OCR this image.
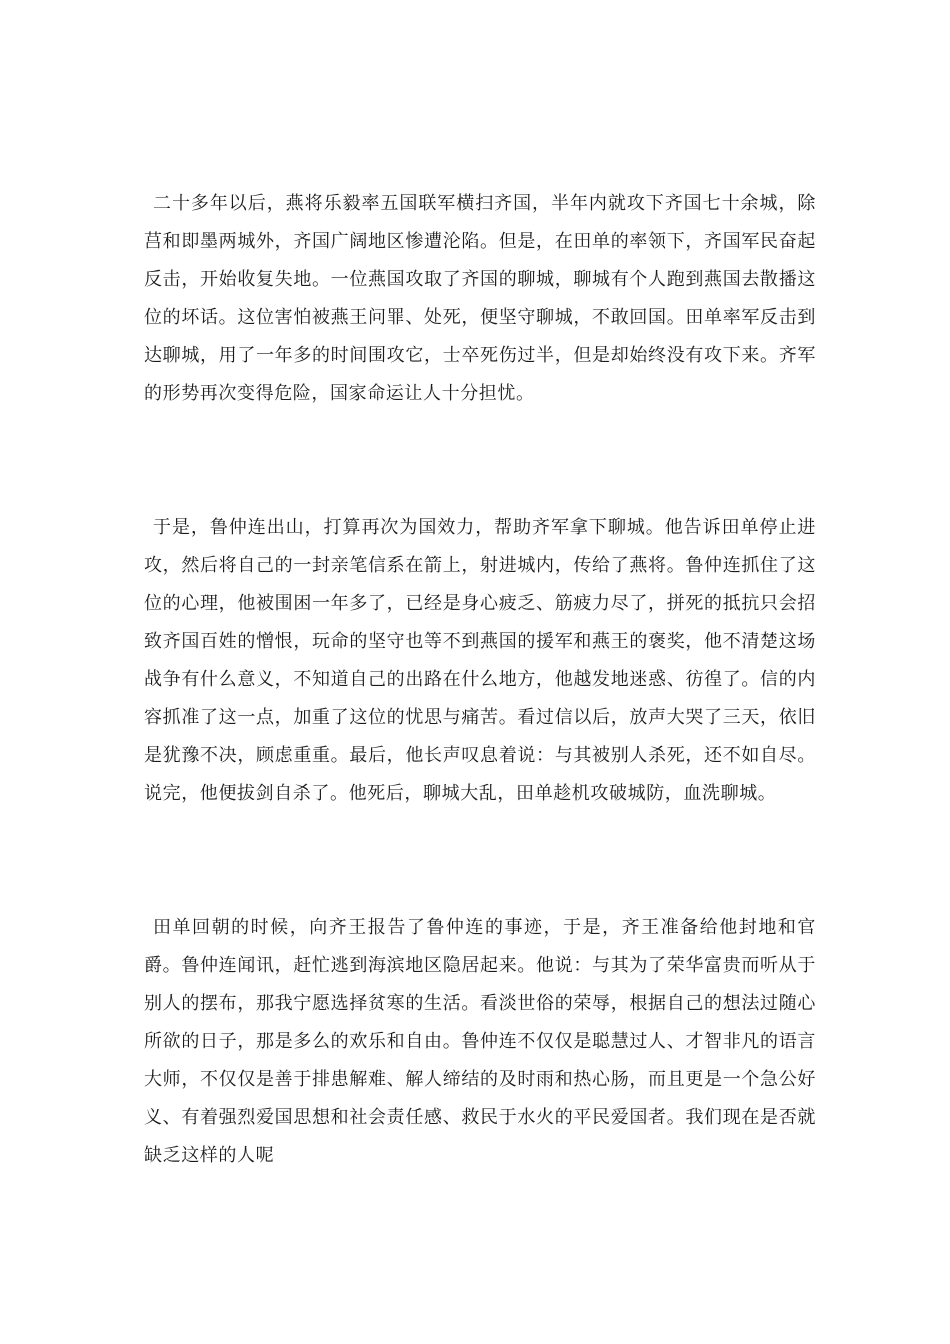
二十多年以后，燕将乐毅率五国联军横扫齐国，半年内就攻下齐国七十余城，除莒和即墨两城外，齐国广阔地区惨遭沦陷。但是，在田单的率领下，齐国军民奋起反击，开始收复失地。一位燕国攻取了齐国的聊城，聊城有个人跑到燕国去散播这位的坏话。这位害怕被燕王问罪、处死，便坚守聊城，不敢回国。田单率军反击到达聊城，用了一年多的时间围攻它，士卒死伤过半，但是却始终没有攻下来。齐军的形势再次变得危险，国家命运让人十分担忧。

于是，鲁仲连出山，打算再次为国效力，帮助齐军拿下聊城。他告诉田单停止进攻，然后将自己的一封亲笔信系在箭上，射进城内，传给了燕将。鲁仲连抓住了这位的心理，他被围困一年多了，已经是身心疲乏、筋疲力尽了，拼死的抵抗只会招致齐国百姓的憎恨，玩命的坚守也等不到燕国的援军和燕王的褒奖，他不清楚这场战争有什么意义，不知道自己的出路在什么地方，他越发地迷惑、彷徨了。信的内容抓准了这一点，加重了这位的忧思与痛苦。看过信以后，放声大哭了三天，依旧是犹豫不决，顾虑重重。最后，他长声叹息着说：与其被别人杀死，还不如自尽。说完，他便拔剑自杀了。他死后，聊城大乱，田单趁机攻破城防，血洗聊城。

田单回朝的时候，向齐王报告了鲁仲连的事迹，于是，齐王准备给他封地和官爵。鲁仲连闻讯，赶忙逃到海滨地区隐居起来。他说：与其为了荣华富贵而听从于别人的摆布，那我宁愿选择贫寒的生活。看淡世俗的荣辱，根据自己的想法过随心所欲的日子，那是多么的欢乐和自由。鲁仲连不仅仅是聪慧过人、才智非凡的语言大师，不仅仅是善于排患解难、解人缔结的及时雨和热心肠，而且更是一个急公好义、有着强烈爱国思想和社会责任感、救民于水火的平民爱国者。我们现在是否就缺乏这样的人呢
